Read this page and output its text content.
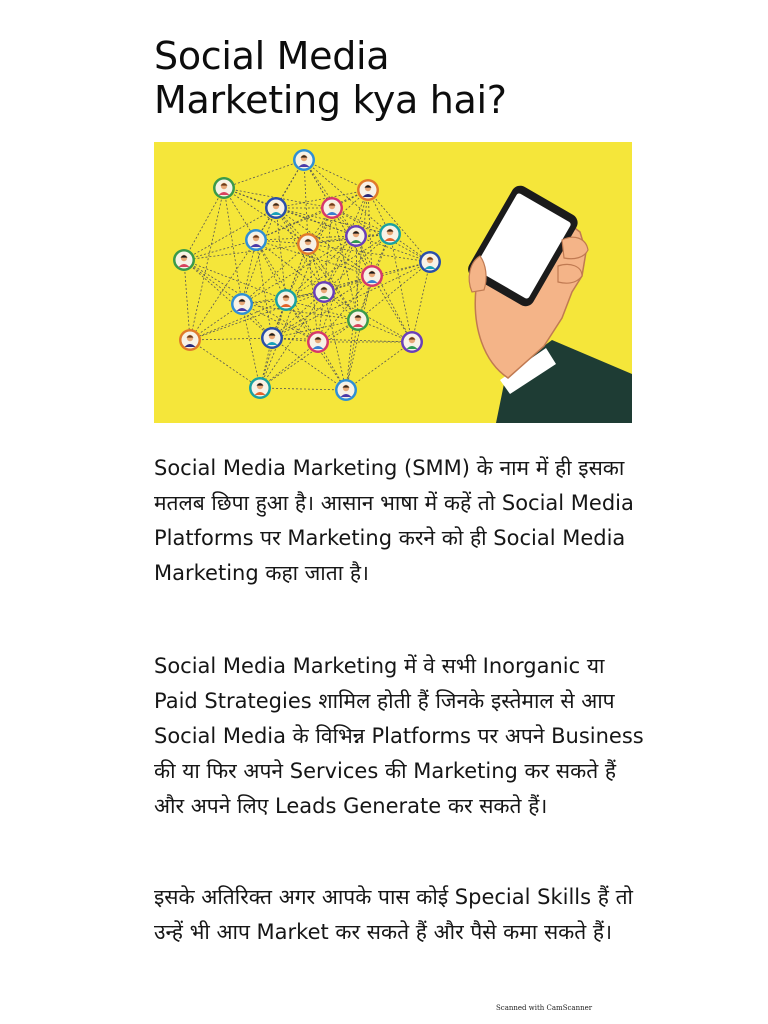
Social Media
Marketing kya hai?

Social Media Marketing (SMM) के नाम में ही इसका मतलब छिपा हुआ है। आसान भाषा में कहें तो Social Media Platforms पर Marketing करने को ही Social Media Marketing कहा जाता है।

Social Media Marketing में वे सभी Inorganic या Paid Strategies शामिल होती हैं जिनके इस्तेमाल से आप Social Media के विभिन्न Platforms पर अपने Business की या फिर अपने Services की Marketing कर सकते हैं और अपने लिए Leads Generate कर सकते हैं।

इसके अतिरिक्त अगर आपके पास कोई Special Skills हैं तो उन्हें भी आप Market कर सकते हैं और पैसे कमा सकते हैं।

Scanned with CamScanner
